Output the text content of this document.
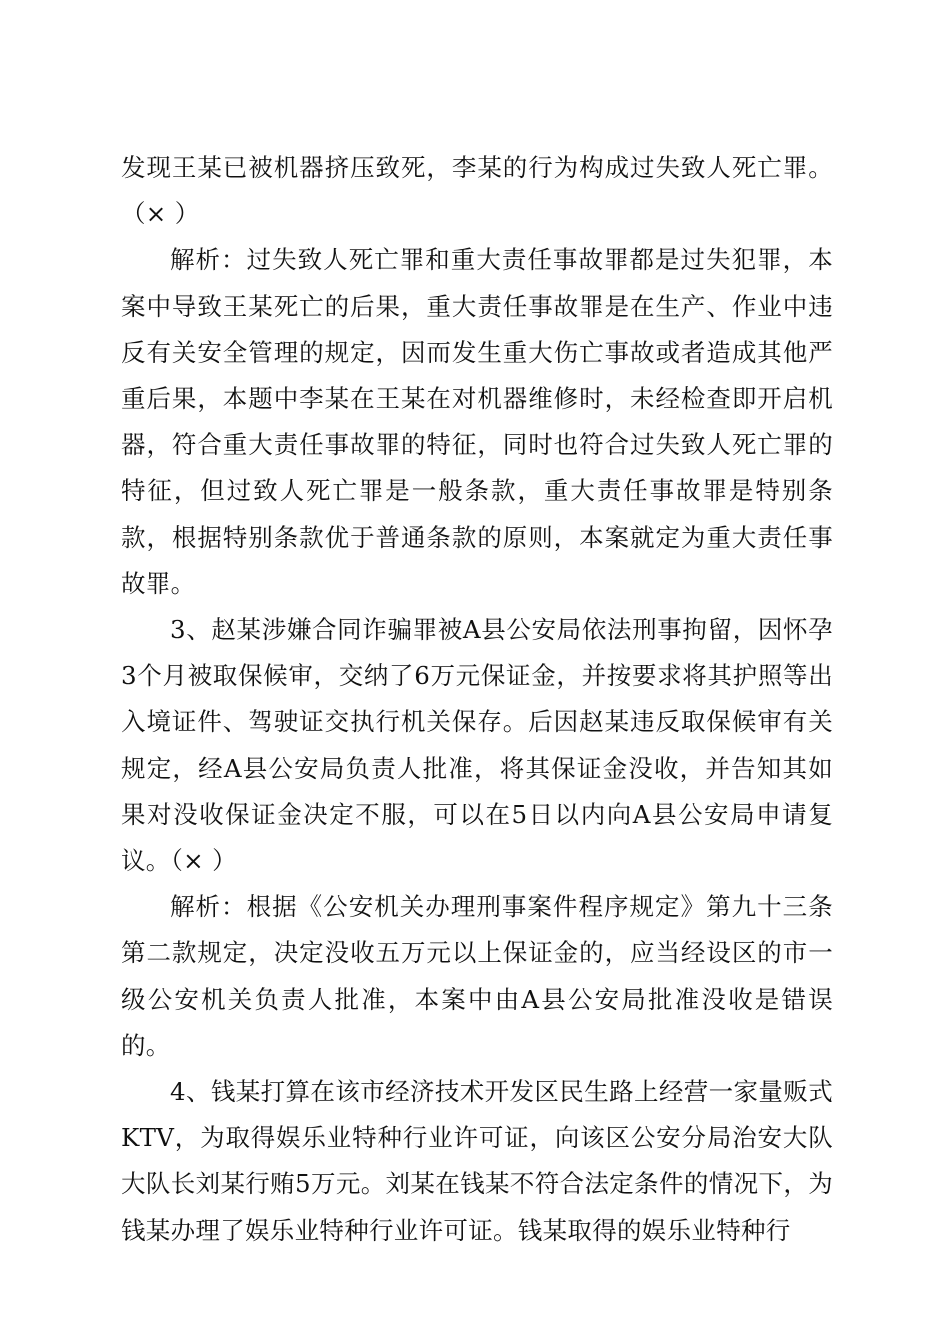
发现王某已被机器挤压致死，李某的行为构成过失致人死亡罪。（× ）

解析：过失致人死亡罪和重大责任事故罪都是过失犯罪，本案中导致王某死亡的后果，重大责任事故罪是在生产、作业中违反有关安全管理的规定，因而发生重大伤亡事故或者造成其他严重后果，本题中李某在王某在对机器维修时，未经检查即开启机器，符合重大责任事故罪的特征，同时也符合过失致人死亡罪的特征，但过致人死亡罪是一般条款，重大责任事故罪是特别条款，根据特别条款优于普通条款的原则，本案就定为重大责任事故罪。

3、赵某涉嫌合同诈骗罪被A县公安局依法刑事拘留，因怀孕3个月被取保候审，交纳了6万元保证金，并按要求将其护照等出入境证件、驾驶证交执行机关保存。后因赵某违反取保候审有关规定，经A县公安局负责人批准，将其保证金没收，并告知其如果对没收保证金决定不服，可以在5日以内向A县公安局申请复议。（× ）

解析：根据《公安机关办理刑事案件程序规定》第九十三条第二款规定，决定没收五万元以上保证金的，应当经设区的市一级公安机关负责人批准，本案中由A县公安局批准没收是错误的。

4、钱某打算在该市经济技术开发区民生路上经营一家量贩式KTV，为取得娱乐业特种行业许可证，向该区公安分局治安大队大队长刘某行贿5万元。刘某在钱某不符合法定条件的情况下，为钱某办理了娱乐业特种行业许可证。钱某取得的娱乐业特种行
